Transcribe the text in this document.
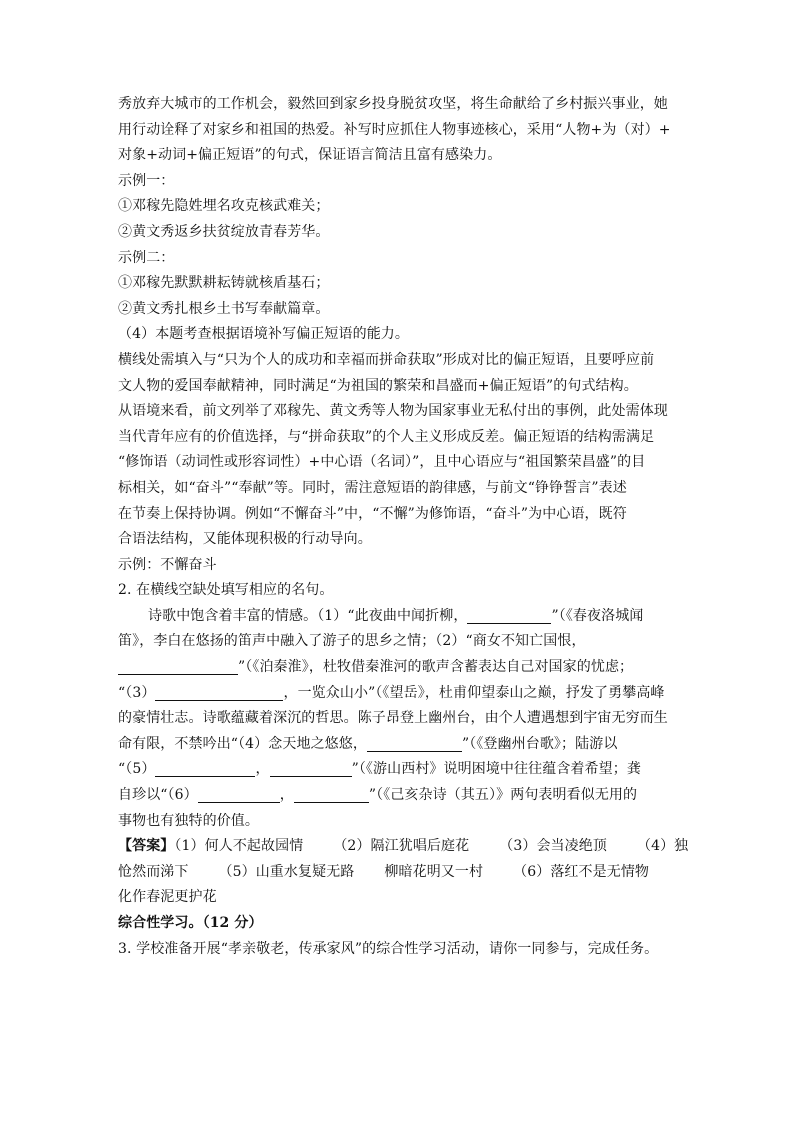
秀放弃大城市的工作机会，毅然回到家乡投身脱贫攻坚，将生命献给了乡村振兴事业，她
用行动诠释了对家乡和祖国的热爱。补写时应抓住人物事迹核心，采用“人物+为（对）+
对象+动词+偏正短语”的句式，保证语言简洁且富有感染力。
示例一：
①邓稼先隐姓埋名攻克核武难关；
②黄文秀返乡扶贫绽放青春芳华。
示例二：
①邓稼先默默耕耘铸就核盾基石；
②黄文秀扎根乡土书写奉献篇章。
（4）本题考查根据语境补写偏正短语的能力。
横线处需填入与“只为个人的成功和幸福而拼命获取”形成对比的偏正短语，且要呼应前
文人物的爱国奉献精神，同时满足“为祖国的繁荣和昌盛而+偏正短语”的句式结构。
从语境来看，前文列举了邓稼先、黄文秀等人物为国家事业无私付出的事例，此处需体现
当代青年应有的价值选择，与“拼命获取”的个人主义形成反差。偏正短语的结构需满足
“修饰语（动词性或形容词性）+中心语（名词）”，且中心语应与“祖国繁荣昌盛”的目
标相关，如“奋斗”“奉献”等。同时，需注意短语的韵律感，与前文“铮铮誓言”表述
在节奏上保持协调。例如“不懈奋斗”中，“不懈”为修饰语，“奋斗”为中心语，既符
合语法结构，又能体现积极的行动导向。
示例：不懈奋斗
2. 在横线空缺处填写相应的名句。
诗歌中饱含着丰富的情感。（1）“此夜曲中闻折柳，	”（《春夜洛城闻
笛》，李白在悠扬的笛声中融入了游子的思乡之情；（2）“商女不知亡国恨，
”（《泊秦淮》，杜牧借秦淮河的歌声含蓄表达自己对国家的忧虑；
“（3）	，一览众山小”（《望岳》，杜甫仰望泰山之巅，抒发了勇攀高峰
的豪情壮志。诗歌蕴藏着深沉的哲思。陈子昂登上幽州台，由个人遭遇想到宇宙无穷而生
命有限，不禁吟出“（4）念天地之悠悠，	”（《登幽州台歌》；陆游以
“（5）	，	”（《游山西村》说明困境中往往蕴含着希望；龚
自珍以“（6）	，	”（《己亥杂诗（其五）》两句表明看似无用的
事物也有独特的价值。
【答案】（1）何人不起故园情 （2）隔江犹唱后庭花 （3）会当凌绝顶 （4）独
怆然而涕下 （5）山重水复疑无路 柳暗花明又一村 （6）落红不是无情物
化作春泥更护花
综合性学习。（12 分）
3. 学校准备开展“孝亲敬老，传承家风”的综合性学习活动，请你一同参与，完成任务。
